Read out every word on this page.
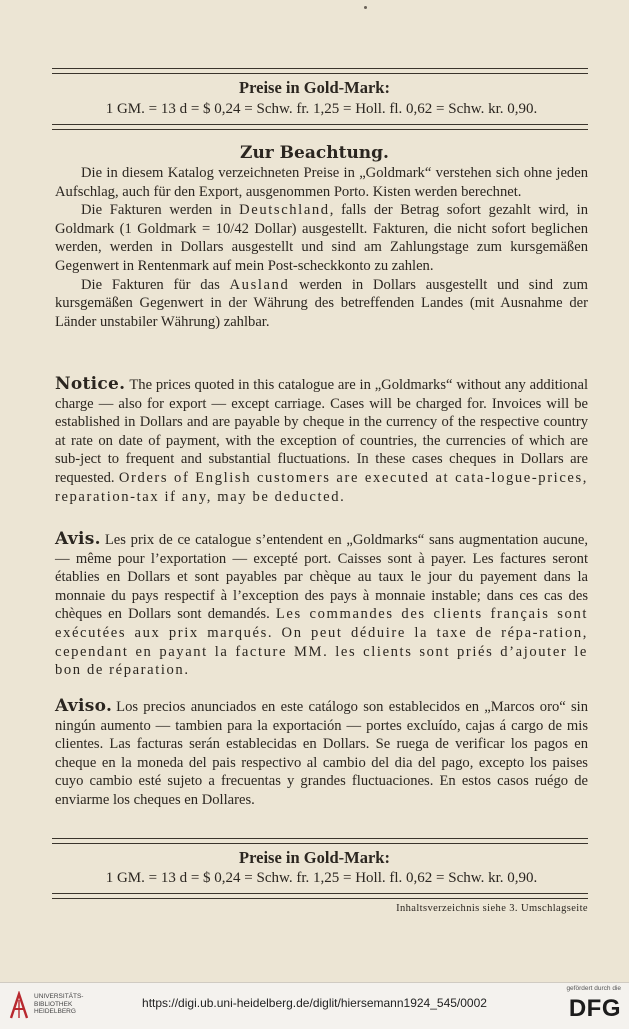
Preise in Gold-Mark:
1 GM. = 13 d = $ 0,24 = Schw. fr. 1,25 = Holl. fl. 0,62 = Schw. kr. 0,90.
Zur Beachtung.

Die in diesem Katalog verzeichneten Preise in „Goldmark“ verstehen sich ohne jeden Aufschlag, auch für den Export, ausgenommen Porto. Kisten werden berechnet.

Die Fakturen werden in Deutschland, falls der Betrag sofort gezahlt wird, in Goldmark (1 Goldmark = 10/42 Dollar) ausgestellt. Fakturen, die nicht sofort beglichen werden, werden in Dollars ausgestellt und sind am Zahlungstage zum kursgemäßen Gegenwert in Rentenmark auf mein Post-scheckkonto zu zahlen.

Die Fakturen für das Ausland werden in Dollars ausgestellt und sind zum kursgemäßen Gegenwert in der Währung des betreffenden Landes (mit Ausnahme der Länder unstabiler Währung) zahlbar.

Notice. The prices quoted in this catalogue are in „Goldmarks“ without any additional charge — also for export — except carriage. Cases will be charged for. Invoices will be established in Dollars and are payable by cheque in the currency of the respective country at rate on date of payment, with the exception of countries, the currencies of which are sub-ject to frequent and substantial fluctuations. In these cases cheques in Dollars are requested. Orders of English customers are executed at cata-logue-prices, reparation-tax if any, may be deducted.

Avis. Les prix de ce catalogue s’entendent en „Goldmarks“ sans augmentation aucune, — même pour l’exportation — excepté port. Caisses sont à payer. Les factures seront établies en Dollars et sont payables par chèque au taux le jour du payement dans la monnaie du pays respectif à l’exception des pays à monnaie instable; dans ces cas des chèques en Dollars sont demandés. Les commandes des clients français sont exécutées aux prix marqués. On peut déduire la taxe de répa-ration, cependant en payant la facture MM. les clients sont priés d’ajouter le bon de réparation.

Aviso. Los precios anunciados en este catálogo son establecidos en „Marcos oro“ sin ningún aumento — tambien para la exportación — portes excluído, cajas á cargo de mis clientes. Las facturas serán establecidas en Dollars. Se ruega de verificar los pagos en cheque en la moneda del pais respectivo al cambio del dia del pago, excepto los paises cuyo cambio esté sujeto a frecuentas y grandes fluctuaciones. En estos casos ruégo de enviarme los cheques en Dollares.

Preise in Gold-Mark:
1 GM. = 13 d = $ 0,24 = Schw. fr. 1,25 = Holl. fl. 0,62 = Schw. kr. 0,90.
Inhaltsverzeichnis siehe 3. Umschlagseite
UNIVERSITÄTS-
BIBLIOTHEK
HEIDELBERG
https://digi.ub.uni-heidelberg.de/diglit/hiersemann1924_545/0002
gefördert durch die
DFG
